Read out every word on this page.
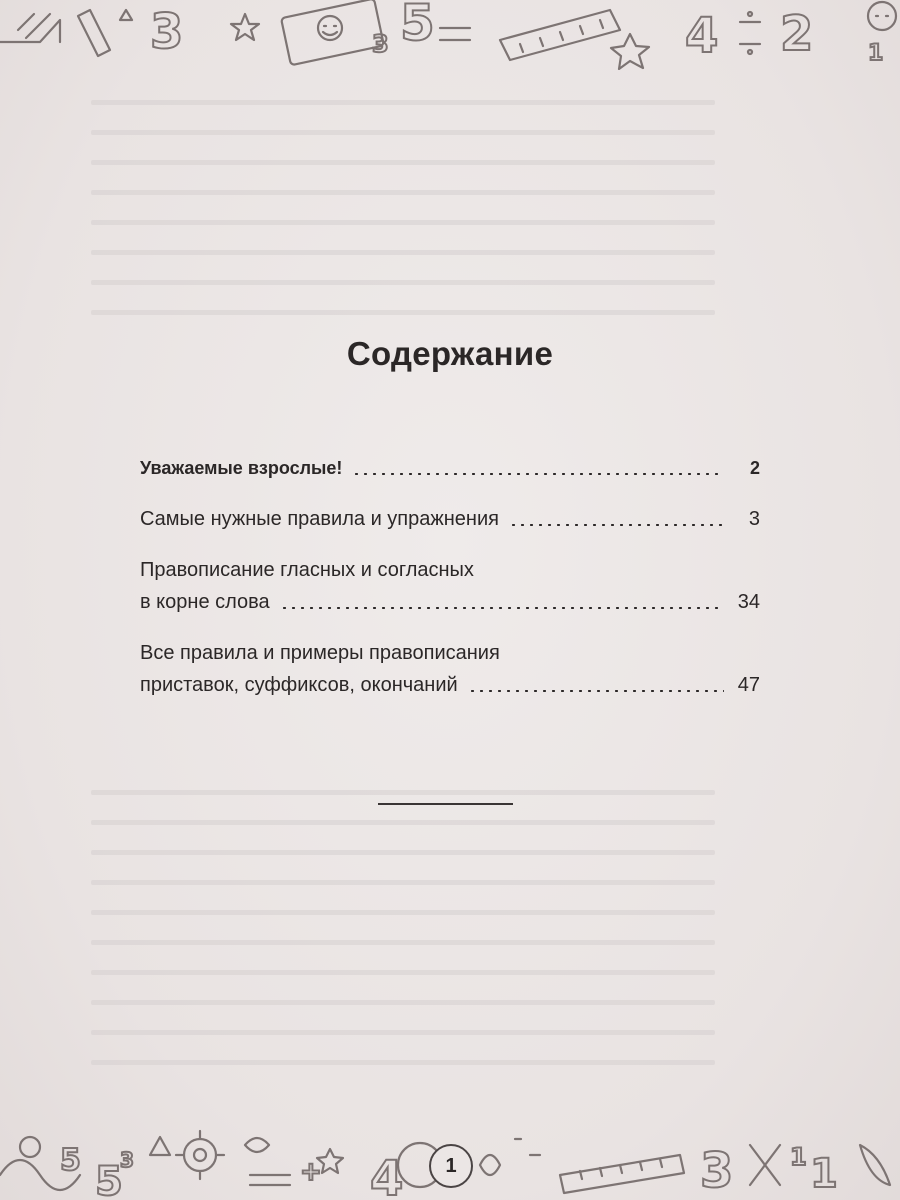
3	3 5	4 2 1
Содержание
Уважаемые взрослые!	2
Самые нужные правила и упражнения	3
Правописание гласных и согласных
в корне слова	34
Все правила и примеры правописания
приставок, суффиксов, окончаний	47
5 5
3	+ 4	3 1 1
1
